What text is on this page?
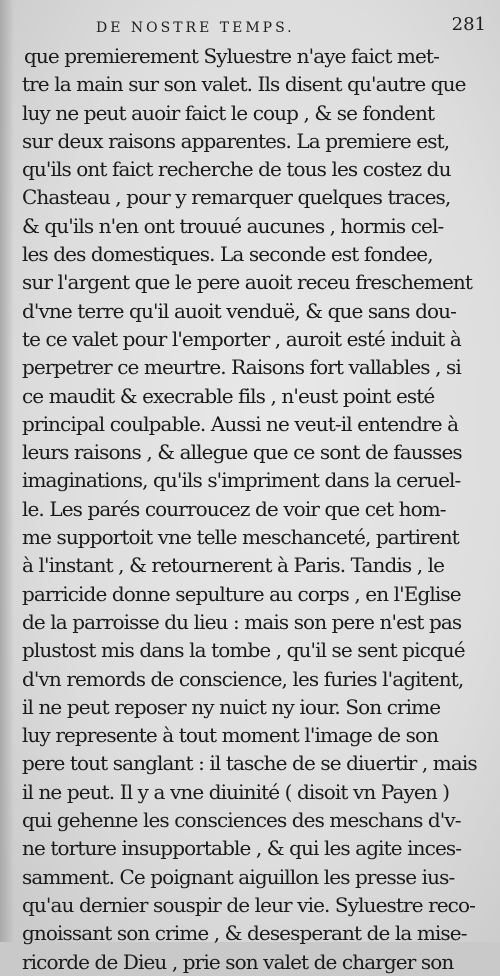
DE NOSTRE TEMPS.	281
que premierement Syluestre n'aye faict met-
tre la main sur son valet. Ils disent qu'autre que
luy ne peut auoir faict le coup , & se fondent
sur deux raisons apparentes. La premiere est,
qu'ils ont faict recherche de tous les costez du
Chasteau , pour y remarquer quelques traces,
& qu'ils n'en ont trouué aucunes , hormis cel-
les des domestiques. La seconde est fondee,
sur l'argent que le pere auoit receu freschement
d'vne terre qu'il auoit venduë, & que sans dou-
te ce valet pour l'emporter , auroit esté induit à
perpetrer ce meurtre. Raisons fort vallables , si
ce maudit & execrable fils , n'eust point esté
principal coulpable. Aussi ne veut-il entendre à
leurs raisons , & allegue que ce sont de fausses
imaginations, qu'ils s'impriment dans la ceruel-
le. Les parés courroucez de voir que cet hom-
me supportoit vne telle meschanceté, partirent
à l'instant , & retournerent à Paris. Tandis , le
parricide donne sepulture au corps , en l'Eglise
de la parroisse du lieu : mais son pere n'est pas
plustost mis dans la tombe , qu'il se sent picqué
d'vn remords de conscience, les furies l'agitent,
il ne peut reposer ny nuict ny iour. Son crime
luy represente à tout moment l'image de son
pere tout sanglant : il tasche de se diuertir , mais
il ne peut. Il y a vne diuinité ( disoit vn Payen )
qui gehenne les consciences des meschans d'v-
ne torture insupportable , & qui les agite inces-
samment. Ce poignant aiguillon les presse ius-
qu'au dernier souspir de leur vie. Syluestre reco-
gnoissant son crime , & desesperant de la mise-
ricorde de Dieu , prie son valet de charger son
